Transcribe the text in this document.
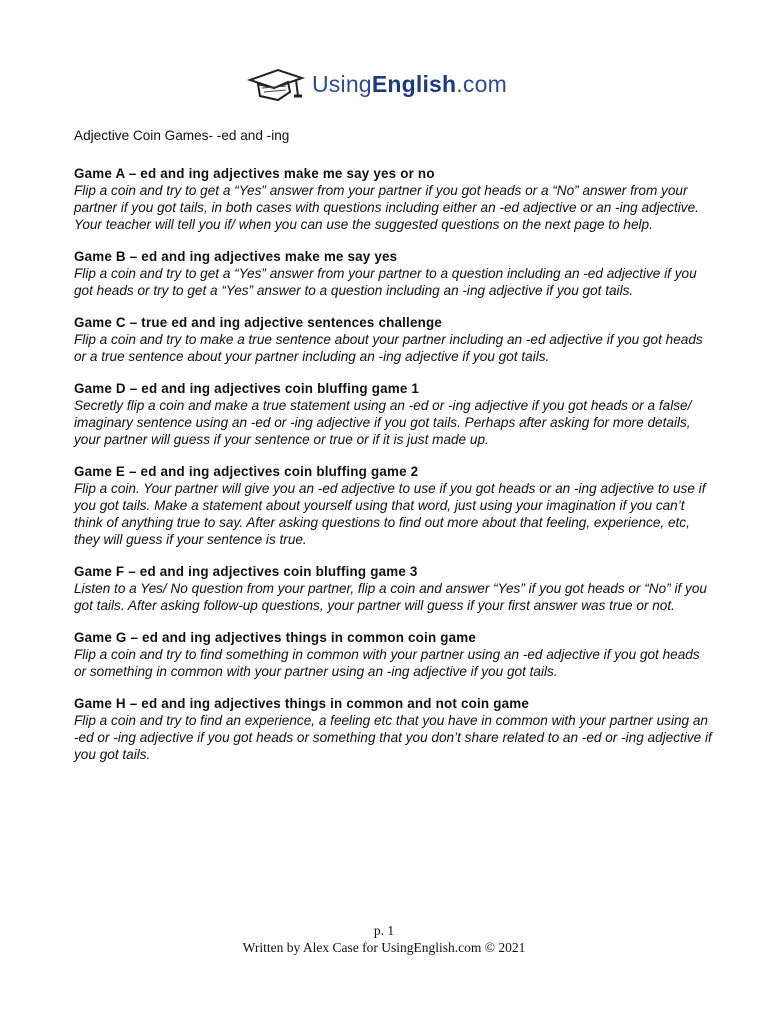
UsingEnglish.com

Adjective Coin Games- -ed and -ing

Game A – ed and ing adjectives make me say yes or no

Flip a coin and try to get a “Yes” answer from your partner if you got heads or a “No” answer from your partner if you got tails, in both cases with questions including either an -ed adjective or an -ing adjective. Your teacher will tell you if/ when you can use the suggested questions on the next page to help.

Game B – ed and ing adjectives make me say yes

Flip a coin and try to get a “Yes” answer from your partner to a question including an -ed adjective if you got heads or try to get a “Yes” answer to a question including an -ing adjective if you got tails.

Game C – true ed and ing adjective sentences challenge

Flip a coin and try to make a true sentence about your partner including an -ed adjective if you got heads or a true sentence about your partner including an -ing adjective if you got tails.

Game D – ed and ing adjectives coin bluffing game 1

Secretly flip a coin and make a true statement using an -ed or -ing adjective if you got heads or a false/ imaginary sentence using an -ed or -ing adjective if you got tails. Perhaps after asking for more details, your partner will guess if your sentence or true or if it is just made up.

Game E – ed and ing adjectives coin bluffing game 2

Flip a coin. Your partner will give you an -ed adjective to use if you got heads or an -ing adjective to use if you got tails. Make a statement about yourself using that word, just using your imagination if you can’t think of anything true to say. After asking questions to find out more about that feeling, experience, etc, they will guess if your sentence is true.

Game F – ed and ing adjectives coin bluffing game 3

Listen to a Yes/ No question from your partner, flip a coin and answer “Yes” if you got heads or “No” if you got tails. After asking follow-up questions, your partner will guess if your first answer was true or not.

Game G – ed and ing adjectives things in common coin game

Flip a coin and try to find something in common with your partner using an -ed adjective if you got heads or something in common with your partner using an -ing adjective if you got tails.

Game H – ed and ing adjectives things in common and not coin game

Flip a coin and try to find an experience, a feeling etc that you have in common with your partner using an -ed or -ing adjective if you got heads or something that you don’t share related to an -ed or -ing adjective if you got tails.

p. 1
Written by Alex Case for UsingEnglish.com © 2021
